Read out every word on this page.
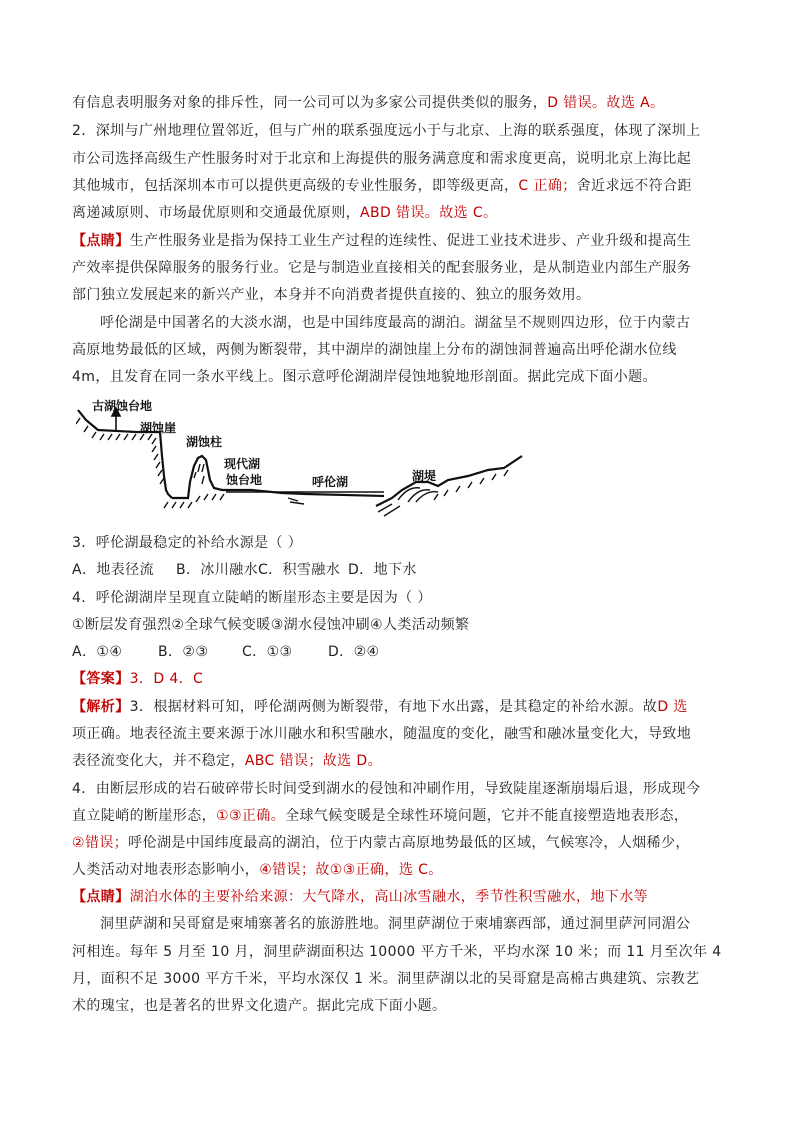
有信息表明服务对象的排斥性，同一公司可以为多家公司提供类似的服务，D 错误。故选 A。
2．深圳与广州地理位置邻近，但与广州的联系强度远小于与北京、上海的联系强度，体现了深圳上
市公司选择高级生产性服务时对于北京和上海提供的服务满意度和需求度更高，说明北京上海比起
其他城市，包括深圳本市可以提供更高级的专业性服务，即等级更高，C 正确；舍近求远不符合距
离递减原则、市场最优原则和交通最优原则，ABD 错误。故选 C。
【点睛】生产性服务业是指为保持工业生产过程的连续性、促进工业技术进步、产业升级和提高生
产效率提供保障服务的服务行业。它是与制造业直接相关的配套服务业，是从制造业内部生产服务
部门独立发展起来的新兴产业，本身并不向消费者提供直接的、独立的服务效用。
呼伦湖是中国著名的大淡水湖，也是中国纬度最高的湖泊。湖盆呈不规则四边形，位于内蒙古
高原地势最低的区域，两侧为断裂带，其中湖岸的湖蚀崖上分布的湖蚀洞普遍高出呼伦湖水位线
4m，且发育在同一条水平线上。图示意呼伦湖湖岸侵蚀地貌地形剖面。据此完成下面小题。
古湖蚀台地
湖蚀崖
湖蚀柱
现代湖
蚀台地	呼伦湖	湖堤
3．呼伦湖最稳定的补给水源是（ ）
A．地表径流 B．冰川融水 C．积雪融水 D．地下水
4．呼伦湖湖岸呈现直立陡峭的断崖形态主要是因为（ ）
①断层发育强烈②全球气候变暖③湖水侵蚀冲刷④人类活动频繁
A．①④	B．②③ C．①③	D．②④
【答案】3．D 4．C
【解析】3．根据材料可知，呼伦湖两侧为断裂带，有地下水出露，是其稳定的补给水源。故D 选
项正确。地表径流主要来源于冰川融水和积雪融水，随温度的变化，融雪和融冰量变化大，导致地
表径流变化大，并不稳定，ABC 错误；故选 D。
4．由断层形成的岩石破碎带长时间受到湖水的侵蚀和冲刷作用，导致陡崖逐渐崩塌后退，形成现今
直立陡峭的断崖形态，①③正确。全球气候变暖是全球性环境问题，它并不能直接塑造地表形态，
②错误；呼伦湖是中国纬度最高的湖泊，位于内蒙古高原地势最低的区域，气候寒冷，人烟稀少，
人类活动对地表形态影响小，④错误；故①③正确，选 C。
【点睛】湖泊水体的主要补给来源：大气降水，高山冰雪融水，季节性积雪融水，地下水等
洞里萨湖和吴哥窟是柬埔寨著名的旅游胜地。洞里萨湖位于柬埔寨西部，通过洞里萨河同湄公
河相连。每年 5 月至 10 月，洞里萨湖面积达 10000 平方千米，平均水深 10 米；而 11 月至次年 4
月，面积不足 3000 平方千米，平均水深仅 1 米。洞里萨湖以北的吴哥窟是高棉古典建筑、宗教艺
术的瑰宝，也是著名的世界文化遗产。据此完成下面小题。
